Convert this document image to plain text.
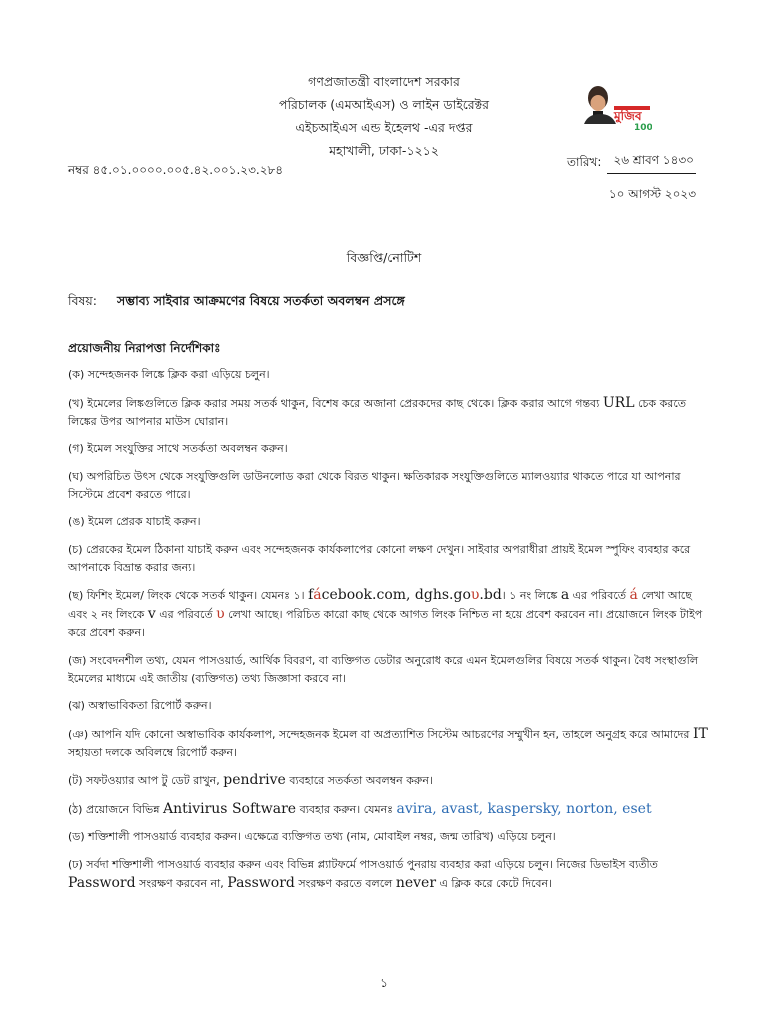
গণপ্রজাতন্ত্রী বাংলাদেশ সরকার
পরিচালক (এমআইএস) ও লাইন ডাইরেক্টর
এইচআইএস এন্ড ইহেলথ -এর দপ্তর
মহাখালী, ঢাকা-১২১২
মুজিব
100
নম্বর ৪৫.০১.০০০০.০০৫.৪২.০০১.২৩.২৮৪
তারিখ:	২৬ শ্রাবণ ১৪৩০
১০ আগস্ট ২০২৩
বিজ্ঞপ্তি/নোটিশ
বিষয়: সম্ভাব্য সাইবার আক্রমণের বিষয়ে সতর্কতা অবলম্বন প্রসঙ্গে
প্রয়োজনীয় নিরাপত্তা নির্দেশিকাঃ

(ক) সন্দেহজনক লিঙ্কে ক্লিক করা এড়িয়ে চলুন।

(খ) ইমেলের লিঙ্কগুলিতে ক্লিক করার সময় সতর্ক থাকুন, বিশেষ করে অজানা প্রেরকদের কাছ থেকে। ক্লিক করার আগে গন্তব্য URL চেক করতে লিঙ্কের উপর আপনার মাউস ঘোরান।

(গ) ইমেল সংযুক্তির সাথে সতর্কতা অবলম্বন করুন।

(ঘ) অপরিচিত উৎস থেকে সংযুক্তিগুলি ডাউনলোড করা থেকে বিরত থাকুন। ক্ষতিকারক সংযুক্তিগুলিতে ম্যালওয়্যার থাকতে পারে যা আপনার সিস্টেমে প্রবেশ করতে পারে।

(ঙ) ইমেল প্রেরক যাচাই করুন।

(চ) প্রেরকের ইমেল ঠিকানা যাচাই করুন এবং সন্দেহজনক কার্যকলাপের কোনো লক্ষণ দেখুন। সাইবার অপরাধীরা প্রায়ই ইমেল স্পুফিং ব্যবহার করে আপনাকে বিভ্রান্ত করার জন্য।

(ছ) ফিশিং ইমেল/ লিংক থেকে সতর্ক থাকুন। যেমনঃ ১। fácebook.com, dghs.goυ.bd। ১ নং লিঙ্কে a এর পরিবর্তে á লেখা আছে এবং ২ নং লিংকে v এর পরিবর্তে υ লেখা আছে। পরিচিত কারো কাছ থেকে আগত লিংক নিশ্চিত না হয়ে প্রবেশ করবেন না। প্রয়োজনে লিংক টাইপ করে প্রবেশ করুন।

(জ) সংবেদনশীল তথ্য, যেমন পাসওয়ার্ড, আর্থিক বিবরণ, বা ব্যক্তিগত ডেটার অনুরোধ করে এমন ইমেলগুলির বিষয়ে সতর্ক থাকুন। বৈধ সংস্থাগুলি ইমেলের মাধ্যমে এই জাতীয় (ব্যক্তিগত) তথ্য জিজ্ঞাসা করবে না।

(ঝ) অস্বাভাবিকতা রিপোর্ট করুন।

(ঞ) আপনি যদি কোনো অস্বাভাবিক কার্যকলাপ, সন্দেহজনক ইমেল বা অপ্রত্যাশিত সিস্টেম আচরণের সম্মুখীন হন, তাহলে অনুগ্রহ করে আমাদের IT সহায়তা দলকে অবিলম্বে রিপোর্ট করুন।

(ট) সফটওয়্যার আপ টু ডেট রাখুন, pendrive ব্যবহারে সতর্কতা অবলম্বন করুন।

(ঠ) প্রয়োজনে বিভিন্ন Antivirus Software ব্যবহার করুন। যেমনঃ avira, avast, kaspersky, norton, eset

(ড) শক্তিশালী পাসওয়ার্ড ব্যবহার করুন। এক্ষেত্রে ব্যক্তিগত তথ্য (নাম, মোবাইল নম্বর, জন্ম তারিখ) এড়িয়ে চলুন।

(ঢ) সর্বদা শক্তিশালী পাসওয়ার্ড ব্যবহার করুন এবং বিভিন্ন প্ল্যাটফর্মে পাসওয়ার্ড পুনরায় ব্যবহার করা এড়িয়ে চলুন। নিজের ডিভাইস ব্যতীত Password সংরক্ষণ করবেন না, Password সংরক্ষণ করতে বললে never এ ক্লিক করে কেটে দিবেন।

১
